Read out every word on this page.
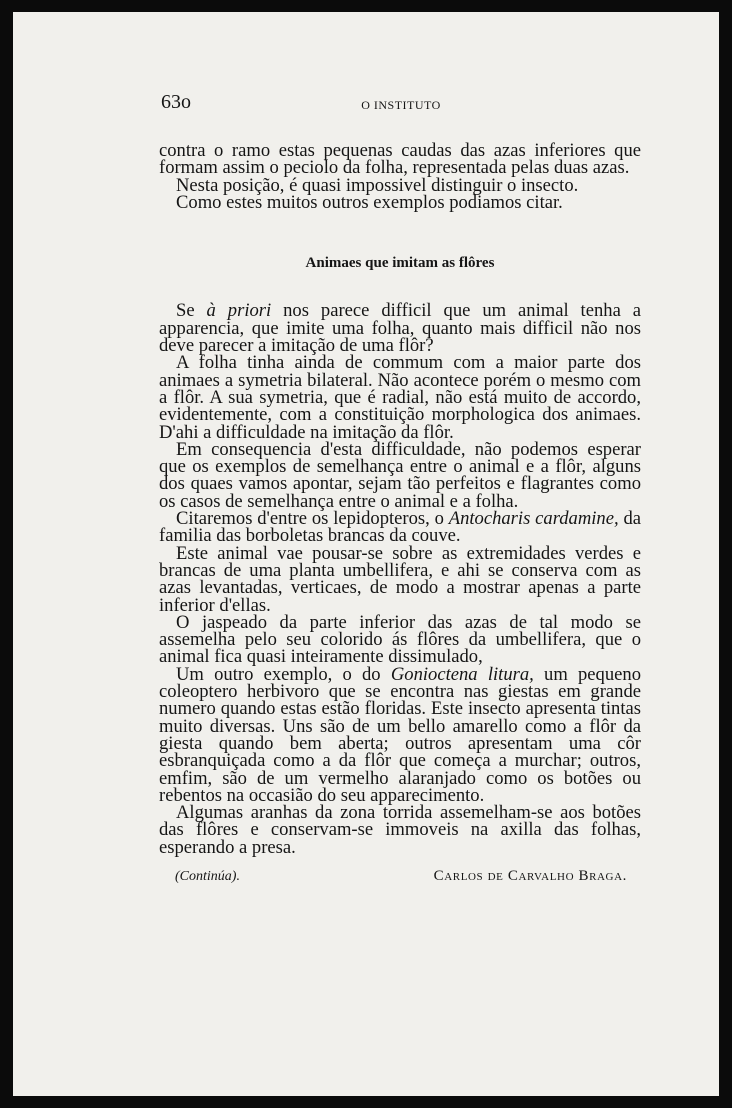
63o	O INSTITUTO

contra o ramo estas pequenas caudas das azas inferiores que formam assim o peciolo da folha, representada pelas duas azas.

Nesta posição, é quasi impossivel distinguir o insecto.

Como estes muitos outros exemplos podiamos citar.

Animaes que imitam as flôres

Se à priori nos parece difficil que um animal tenha a apparencia, que imite uma folha, quanto mais difficil não nos deve parecer a imitação de uma flôr?

A folha tinha ainda de commum com a maior parte dos animaes a symetria bilateral. Não acontece porém o mesmo com a flôr. A sua symetria, que é radial, não está muito de accordo, evidentemente, com a constituição morphologica dos animaes. D'ahi a difficuldade na imitação da flôr.

Em consequencia d'esta difficuldade, não podemos esperar que os exemplos de semelhança entre o animal e a flôr, alguns dos quaes vamos apontar, sejam tão perfeitos e flagrantes como os casos de semelhança entre o animal e a folha.

Citaremos d'entre os lepidopteros, o Antocharis cardamine, da familia das borboletas brancas da couve.

Este animal vae pousar-se sobre as extremidades verdes e brancas de uma planta umbellifera, e ahi se conserva com as azas levantadas, verticaes, de modo a mostrar apenas a parte inferior d'ellas.

O jaspeado da parte inferior das azas de tal modo se assemelha pelo seu colorido ás flôres da umbellifera, que o animal fica quasi inteiramente dissimulado,

Um outro exemplo, o do Gonioctena litura, um pequeno coleoptero herbivoro que se encontra nas giestas em grande numero quando estas estão floridas. Este insecto apresenta tintas muito diversas. Uns são de um bello amarello como a flôr da giesta quando bem aberta; outros apresentam uma côr esbranquiçada como a da flôr que começa a murchar; outros, emfim, são de um vermelho alaranjado como os botões ou rebentos na occasião do seu apparecimento.

Algumas aranhas da zona torrida assemelham-se aos botões das flôres e conservam-se immoveis na axilla das folhas, esperando a presa.

(Continúa).	Carlos de Carvalho Braga.
